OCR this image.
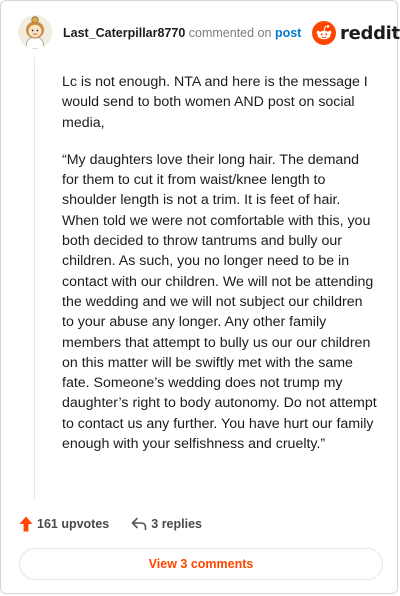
Last_Caterpillar8770 commented on post reddit

Lc is not enough. NTA and here is the message I would send to both women AND post on social media,

“My daughters love their long hair. The demand for them to cut it from waist/knee length to shoulder length is not a trim. It is feet of hair. When told we were not comfortable with this, you both decided to throw tantrums and bully our children. As such, you no longer need to be in contact with our children. We will not be attending the wedding and we will not subject our children to your abuse any longer. Any other family members that attempt to bully us our our children on this matter will be swiftly met with the same fate. Someone’s wedding does not trump my daughter’s right to body autonomy. Do not attempt to contact us any further. You have hurt our family enough with your selfishness and cruelty.”

161 upvotes	3 replies
View 3 comments
